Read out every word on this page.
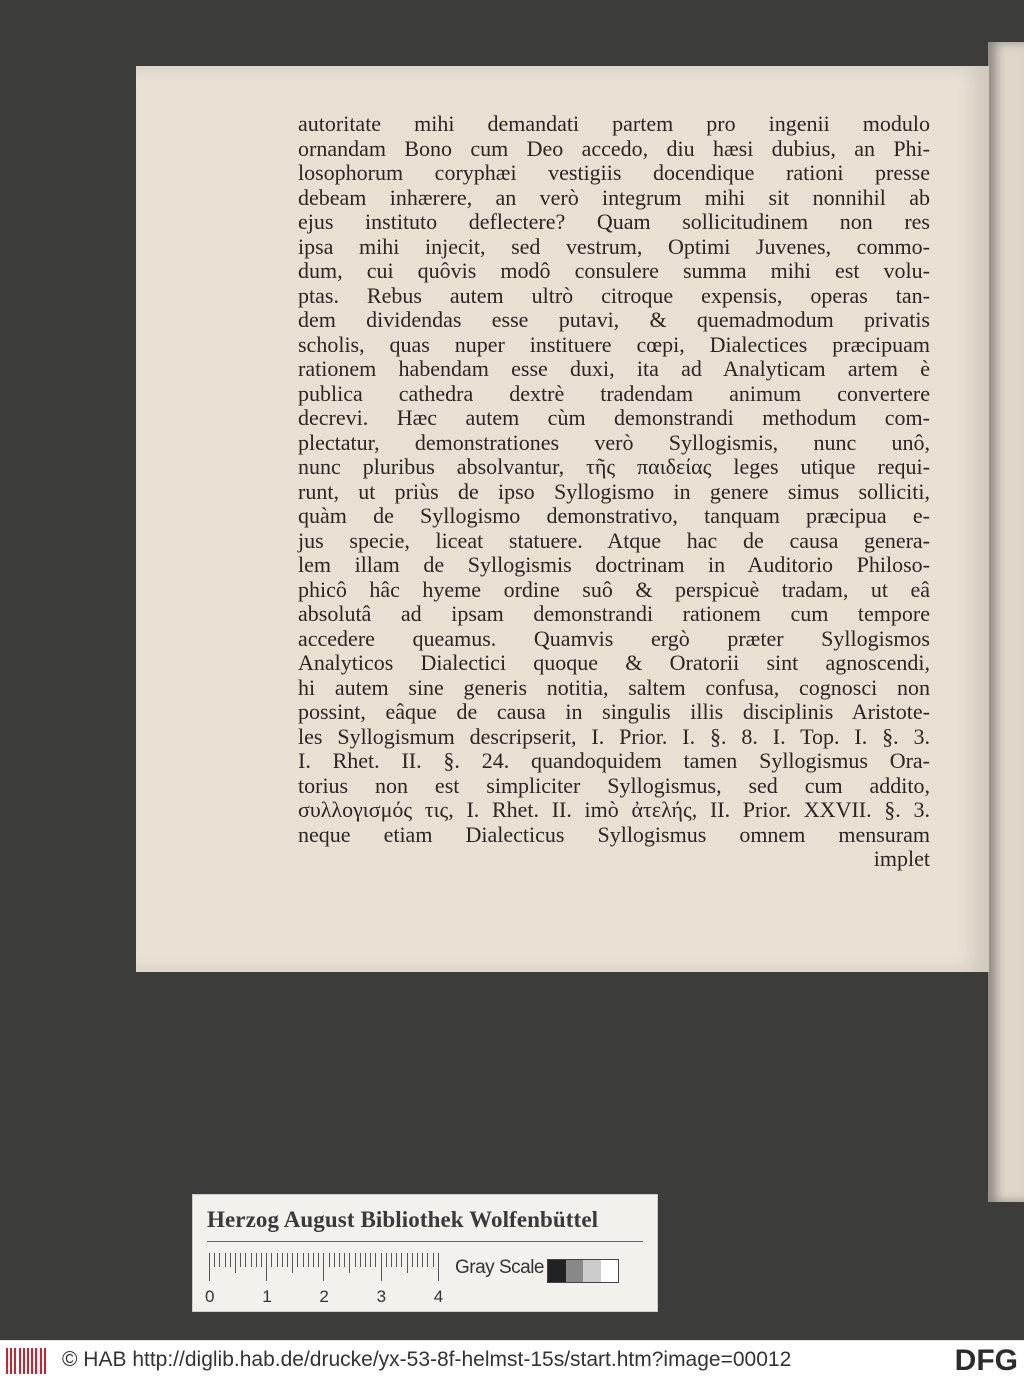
autoritate mihi demandati partem pro ingenii modulo
ornandam Bono cum Deo accedo, diu hæsi dubius, an Phi-
losophorum coryphæi vestigiis docendique rationi presse
debeam inhærere, an verò integrum mihi sit nonnihil ab
ejus instituto deflectere? Quam sollicitudinem non res
ipsa mihi injecit, sed vestrum, Optimi Juvenes, commo-
dum, cui quôvis modô consulere summa mihi est volu-
ptas. Rebus autem ultrò citroque expensis, operas tan-
dem dividendas esse putavi, & quemadmodum privatis
scholis, quas nuper instituere cœpi, Dialectices præcipuam
rationem habendam esse duxi, ita ad Analyticam artem è
publica cathedra dextrè tradendam animum convertere
decrevi. Hæc autem cùm demonstrandi methodum com-
plectatur, demonstrationes verò Syllogismis, nunc unô,
nunc pluribus absolvantur, τῆς παιδείας leges utique requi-
runt, ut priùs de ipso Syllogismo in genere simus solliciti,
quàm de Syllogismo demonstrativo, tanquam præcipua e-
jus specie, liceat statuere. Atque hac de causa genera-
lem illam de Syllogismis doctrinam in Auditorio Philoso-
phicô hâc hyeme ordine suô & perspicuè tradam, ut eâ
absolutâ ad ipsam demonstrandi rationem cum tempore
accedere queamus. Quamvis ergò præter Syllogismos
Analyticos Dialectici quoque & Oratorii sint agnoscendi,
hi autem sine generis notitia, saltem confusa, cognosci non
possint, eâque de causa in singulis illis disciplinis Aristote-
les Syllogismum descripserit, I. Prior. I. §. 8. I. Top. I. §. 3.
I. Rhet. II. §. 24. quandoquidem tamen Syllogismus Ora-
torius non est simpliciter Syllogismus, sed cum addito,
συλλογισμός τις, I. Rhet. II. imò ἀτελής, II. Prior. XXVII. §. 3.
neque etiam Dialecticus Syllogismus omnem mensuram
implet
Herzog August Bibliothek Wolfenbüttel
0	1	2	3	4
Gray Scale
© HAB http://diglib.hab.de/drucke/yx-53-8f-helmst-15s/start.htm?image=00012	DFG
